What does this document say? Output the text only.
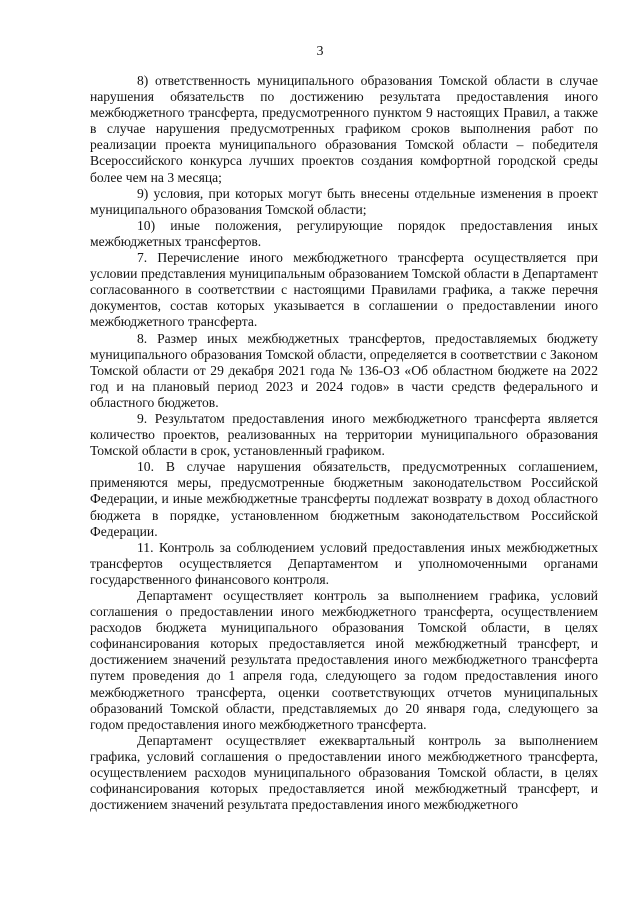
3

8) ответственность муниципального образования Томской области в случае нарушения обязательств по достижению результата предоставления иного межбюджетного трансферта, предусмотренного пунктом 9 настоящих Правил, а также в случае нарушения предусмотренных графиком сроков выполнения работ по реализации проекта муниципального образования Томской области – победителя Всероссийского конкурса лучших проектов создания комфортной городской среды более чем на 3 месяца;

9) условия, при которых могут быть внесены отдельные изменения в проект муниципального образования Томской области;

10) иные положения, регулирующие порядок предоставления иных межбюджетных трансфертов.

7. Перечисление иного межбюджетного трансферта осуществляется при условии представления муниципальным образованием Томской области в Департамент согласованного в соответствии с настоящими Правилами графика, а также перечня документов, состав которых указывается в соглашении о предоставлении иного межбюджетного трансферта.

8. Размер иных межбюджетных трансфертов, предоставляемых бюджету муниципального образования Томской области, определяется в соответствии с Законом Томской области от 29 декабря 2021 года № 136-ОЗ «Об областном бюджете на 2022 год и на плановый период 2023 и 2024 годов» в части средств федерального и областного бюджетов.

9. Результатом предоставления иного межбюджетного трансферта является количество проектов, реализованных на территории муниципального образования Томской области в срок, установленный графиком.

10. В случае нарушения обязательств, предусмотренных соглашением, применяются меры, предусмотренные бюджетным законодательством Российской Федерации, и иные межбюджетные трансферты подлежат возврату в доход областного бюджета в порядке, установленном бюджетным законодательством Российской Федерации.

11. Контроль за соблюдением условий предоставления иных межбюджетных трансфертов осуществляется Департаментом и уполномоченными органами государственного финансового контроля.

Департамент осуществляет контроль за выполнением графика, условий соглашения о предоставлении иного межбюджетного трансферта, осуществлением расходов бюджета муниципального образования Томской области, в целях софинансирования которых предоставляется иной межбюджетный трансферт, и достижением значений результата предоставления иного межбюджетного трансферта путем проведения до 1 апреля года, следующего за годом предоставления иного межбюджетного трансферта, оценки соответствующих отчетов муниципальных образований Томской области, представляемых до 20 января года, следующего за годом предоставления иного межбюджетного трансферта.

Департамент осуществляет ежеквартальный контроль за выполнением графика, условий соглашения о предоставлении иного межбюджетного трансферта, осуществлением расходов муниципального образования Томской области, в целях софинансирования которых предоставляется иной межбюджетный трансферт, и достижением значений результата предоставления иного межбюджетного
